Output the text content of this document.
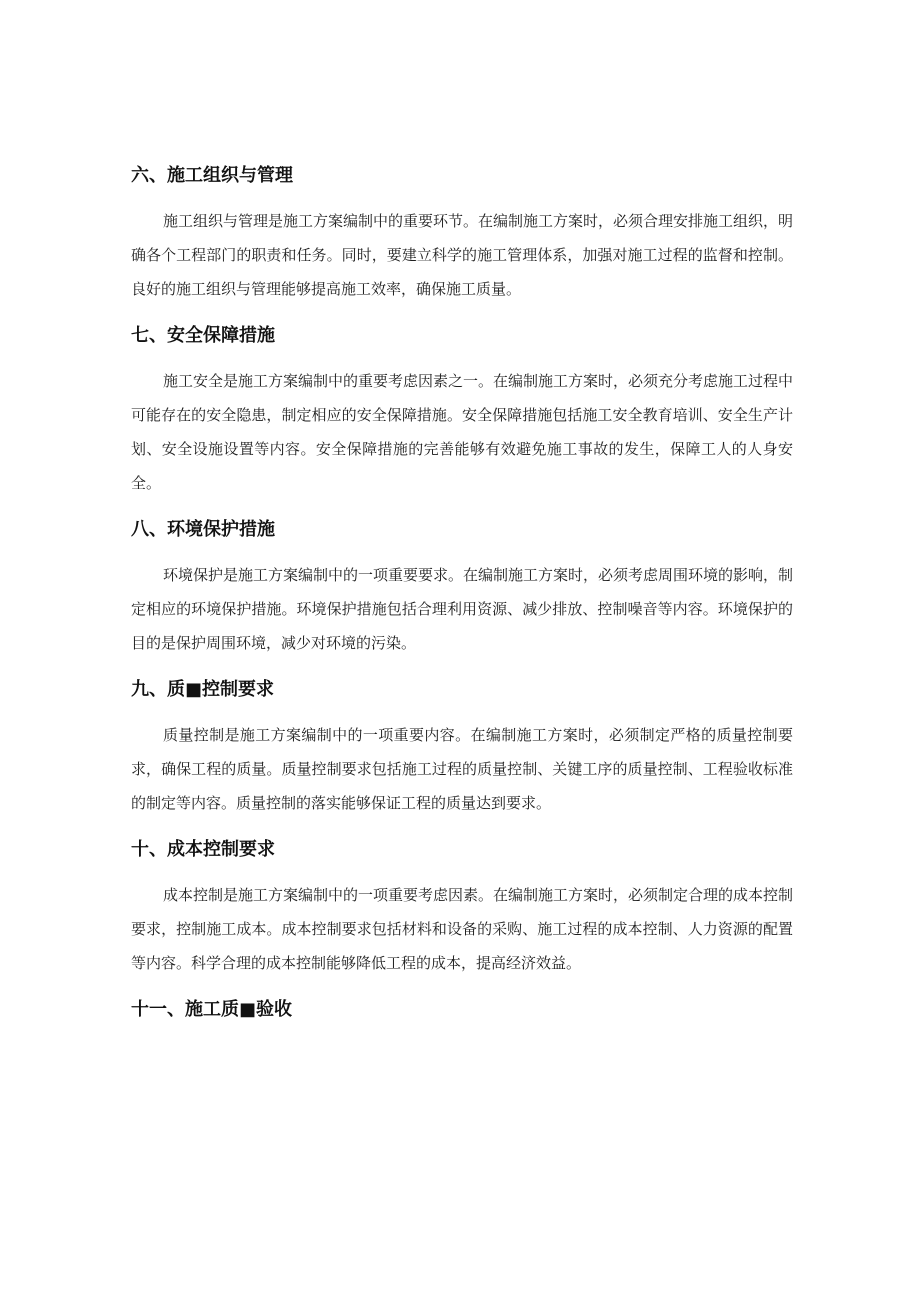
六、施工组织与管理

施工组织与管理是施工方案编制中的重要环节。在编制施工方案时，必须合理安排施工组织，明确各个工程部门的职责和任务。同时，要建立科学的施工管理体系，加强对施工过程的监督和控制。良好的施工组织与管理能够提高施工效率，确保施工质量。

七、安全保障措施

施工安全是施工方案编制中的重要考虑因素之一。在编制施工方案时，必须充分考虑施工过程中可能存在的安全隐患，制定相应的安全保障措施。安全保障措施包括施工安全教育培训、安全生产计划、安全设施设置等内容。安全保障措施的完善能够有效避免施工事故的发生，保障工人的人身安全。

八、环境保护措施

环境保护是施工方案编制中的一项重要要求。在编制施工方案时，必须考虑周围环境的影响，制定相应的环境保护措施。环境保护措施包括合理利用资源、减少排放、控制噪音等内容。环境保护的目的是保护周围环境，减少对环境的污染。

九、质■控制要求

质量控制是施工方案编制中的一项重要内容。在编制施工方案时，必须制定严格的质量控制要求，确保工程的质量。质量控制要求包括施工过程的质量控制、关键工序的质量控制、工程验收标准的制定等内容。质量控制的落实能够保证工程的质量达到要求。

十、成本控制要求

成本控制是施工方案编制中的一项重要考虑因素。在编制施工方案时，必须制定合理的成本控制要求，控制施工成本。成本控制要求包括材料和设备的采购、施工过程的成本控制、人力资源的配置等内容。科学合理的成本控制能够降低工程的成本，提高经济效益。

十一、施工质■验收
